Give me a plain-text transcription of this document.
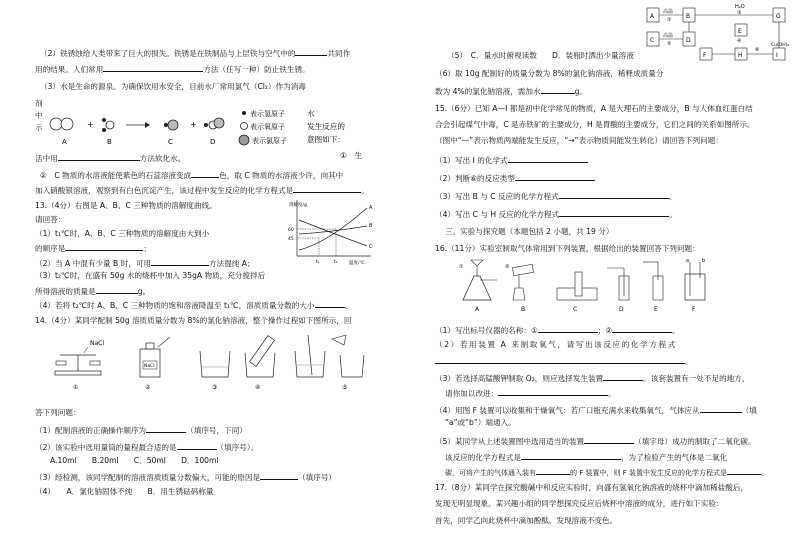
（2）铁锈蚀给人类带来了巨大的损失。铁锈是在铁制品与上层铁与空气中的	共同作
用的结果。人们常用	方法（任写一种）防止铁生锈。
（3）水是生命的源泉。为确保饮用水安全，目前水厂常用氯气（Cl₂）作为消毒
剂
中
示	+	+
A	B	C	D
表示氢原子
表示氧原子
表示氯原子
水
发生反应的
意图如下：
①　生
活中用	方法软化水。
②　C 物质的水溶液能使紫色的石蕊溶液变成	色，取 C 物质的水溶液少许，向其中
加入硝酸银溶液，观察到有白色沉淀产生，该过程中发生反应的化学方程式是	。
13.（4分）右图是 A、B、C 三种物质的溶解度曲线。
请回答：
（1）t₁℃时，A、B、C 三种物质的溶解度由大到小
的顺序是	；
（2）当 A 中混有少量 B 时，可用	方法提纯 A；
（3）t₂℃时，在盛有 50g 水的烧杯中加入 35gA 物质，充分搅拌后
所得溶液的质量是	g。
（4）若将 t₂℃时 A、B、C 三种物质的饱和溶液降温至 t₁℃，溶质质量分数的大小	。
溶解度/g
温度/℃
60
45
t₁	t₂
A
B
C
14.（4分）某同学配制 50g 溶质质量分数为 8%的氯化钠溶液，整个操作过程如下图所示，回
NaCl
①
NaCl
②	③	④	⑤
答下列问题：
（1）配制溶液的正确操作顺序为	（填序号，下同）
（2）该实验中选用量筒的量程最合适的是	（填序号）。
A.10ml　　B.20ml　　C．50ml　　D．100ml
（3）经检测，该同学配制的溶液溶质质量分数偏大，可能的原因是	（填序号）
（4）　　A．氯化钠固体不纯　　B．用生锈砝码称量
A
C
高温
①
高温
②
B
D
H₂O
③	G
E
④
F	H	I
Cu(OH)₂
⑥
（5）　C．量水时俯视读数　　D．装瓶时洒出少量溶液
（6）取 10g 配制好的质量分数为 8%的氯化钠溶液，稀释成质量分
数为 4%的氯化钠溶液，需加水	g。
15.（6分）已知 A—I 都是初中化学常见的物质，A 是大理石的主要成分，B 与人体血红蛋白结
合会引起煤气中毒，C 是赤铁矿的主要成分，H 是胃酸的主要成分，它们之间的关系如图所示。
（图中“—”表示物质两端能发生反应，“→”表示物质间能发生转化）请回答下列问题：
（1）写出 I 的化学式
（2）判断⑥的反应类型
（3）写出 B 与 C 反应的化学方程式	。
（4）写出 C 与 H 反应的化学方程式	。
三、实验与探究题（本题包括 2 小题，共 19 分）
16.（11分）实验室制取气体常用到下列装置，根据给出的装置回答下列问题：
①
A
②
B	C	D	E
a	b
F
（1）写出标号仪器的名称：①	；②	。
（2）若用装置 A 来制取氧气，请写出该反应的化学方程式
。
（3）若选择高锰酸钾制取 O₂，则应选择发生装置	。该套装置有一处不足的地方，
请你加以改进：	。
（4）用图 F 装置可以收集和干燥氧气：若广口瓶充满水来收集氧气，气体应从	（填
“a”或“b”）端通入。
（5）某同学从上述装置图中选用适当的装置	（填字母）成功的制取了二氧化碳。
该反应的化学方程式是	，为了检验产生的气体是二氧化
碳，可将产生的气体通入装有	的 F 装置中，则 F 装置中发生反应的化学方程式是	。
17.（8分）某同学在探究酸碱中和反应实验时，向盛有氢氧化钠溶液的烧杯中滴加稀盐酸后，
发现无明显现象。某兴趣小组的同学想探究反应后烧杯中溶液的成分，进行如下实验：
首先，同学乙向此烧杯中滴加酚酞，发现溶液不变色。
